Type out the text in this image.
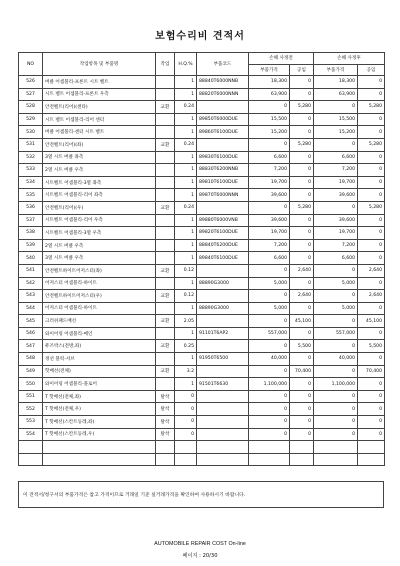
보험수리비 견적서
NO	작업항목 및 부품명	작업	H.Q.%	부품코드	손해 사정전		손해 사정후	
					부품가격	공임	부품가격	공임
526	버클 어셈블리-프론트 시트 벨트		1	88840T6000NNB	18,300	0	18,300	0
527	시트 벨트 어셈블리-프론트 우측		1	88820T6000NNN	63,900	0	63,900	0
528	안전벨트(리어)(센타)	교환	0.24		0	5,280	0	5,280
529	시트 벨트 어셈블리-리어 센터		1	89850T6000DUE	15,500	0	15,500	0
530	버클 어셈블리-센터 시트 벨트		1	89860T6100DUE	15,200	0	15,200	0
531	안전벨트(리어)(좌)	교환	0.24		0	5,280	0	5,280
532	3열 시트 버클 좌측		1	89830T6100DUE	6,600	0	6,600	0
533	2열 시트 버클 우측		1	88830T6200NNB	7,200	0	7,200	0
534	시트벨트 어셈블리-3열 좌측		1	89810T6100DUE	19,700	0	19,700	0
535	시트벨트 어셈블리-리어 좌측		1	89870T6000NNN	39,600	0	39,600	0
536	안전벨트(리어)(우)	교환	0.24		0	5,280	0	5,280
537	시트벨트 어셈블리-리어 우측		1	89880T6000VNB	39,600	0	39,600	0
538	시트벨트 어셈블리-3열 우측		1	89820T6100DUE	19,700	0	19,700	0
539	2열 시트 버클 우측		1	88840T6200DUE	7,200	0	7,200	0
540	3열 시트 버클 우측		1	89840T6100DUE	6,600	0	6,600	0
541	안전벨트하이트어저스터(좌)	교환	0.12		0	2,640	0	2,640
542	어저스터 어셈블리-하이트		1	88890G3000	5,000	0	5,000	0
543	안전벨트하이트어저스터(우)	교환	0.12		0	2,640	0	2,640
544	어저스터 어셈블리-하이트		1	88890G3000	5,000	0	5,000	0
545	크러쉬패드배선	교환	2.05		0	45,100	0	45,100
546	와이어링 어셈블리-메인		1	91101T6AP2	557,000	0	557,000	0
547	퓨즈박스(전방,좌)	교환	0.25		0	5,500	0	5,500
548	정션 블럭-서브		1	91950T6500	40,000	0	40,000	0
549	핫배선(전체)	교환	3.2		0	70,400	0	70,400
550	와이어링 어셈블리-플로어		1	91501T6630	1,100,000	0	1,100,000	0
551	T 핫배선(전체,좌)	탈착	0		0	0	0	0
552	T 핫배선(전체,우)	탈착	0		0	0	0	0
553	T 핫배선(스칸트등레,좌)	탈착	0		0	0	0	0
554	T 핫배선(스칸트등레,우)	탈착	0		0	0	0	0

이 견적서/청구서의 부품가격은 참고 가격이므로 거래일 기준 실거래가격을 확인하여 사용하시기 바랍니다.
AUTOMOBILE REPAIR COST On-line
페이지 : 20/30
